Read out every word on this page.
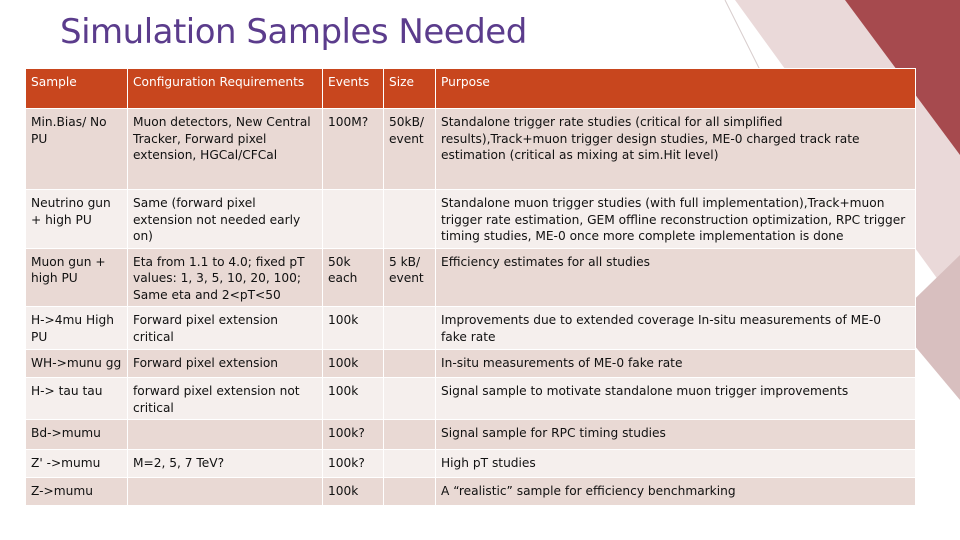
Simulation Samples Needed
Sample	Configuration Requirements	Events	Size	Purpose
Min.Bias/ No PU	Muon detectors, New Central Tracker, Forward pixel extension, HGCal/CFCal	100M?	50kB/ event	Standalone trigger rate studies (critical for all simplified results),Track+muon trigger design studies, ME-0 charged track rate estimation (critical as mixing at sim.Hit level)
Neutrino gun + high PU	Same (forward pixel extension not needed early on)			Standalone muon trigger studies (with full implementation),Track+muon trigger rate estimation, GEM offline reconstruction optimization, RPC trigger timing studies, ME-0 once more complete implementation is done
Muon gun + high PU	Eta from 1.1 to 4.0; fixed pT values: 1, 3, 5, 10, 20, 100; Same eta and 2<pT<50	50k each	5 kB/ event	Efficiency estimates for all studies
H->4mu High PU	Forward pixel extension critical	100k		Improvements due to extended coverage In-situ measurements of ME-0 fake rate
WH->munu gg	Forward pixel extension	100k		In-situ measurements of ME-0 fake rate
H-> tau tau	forward pixel extension not critical	100k		Signal sample to motivate standalone muon trigger improvements
Bd->mumu		100k?		Signal sample for RPC timing studies
Z' ->mumu	M=2, 5, 7 TeV?	100k?		High pT studies
Z->mumu		100k		A “realistic” sample for efficiency benchmarking
